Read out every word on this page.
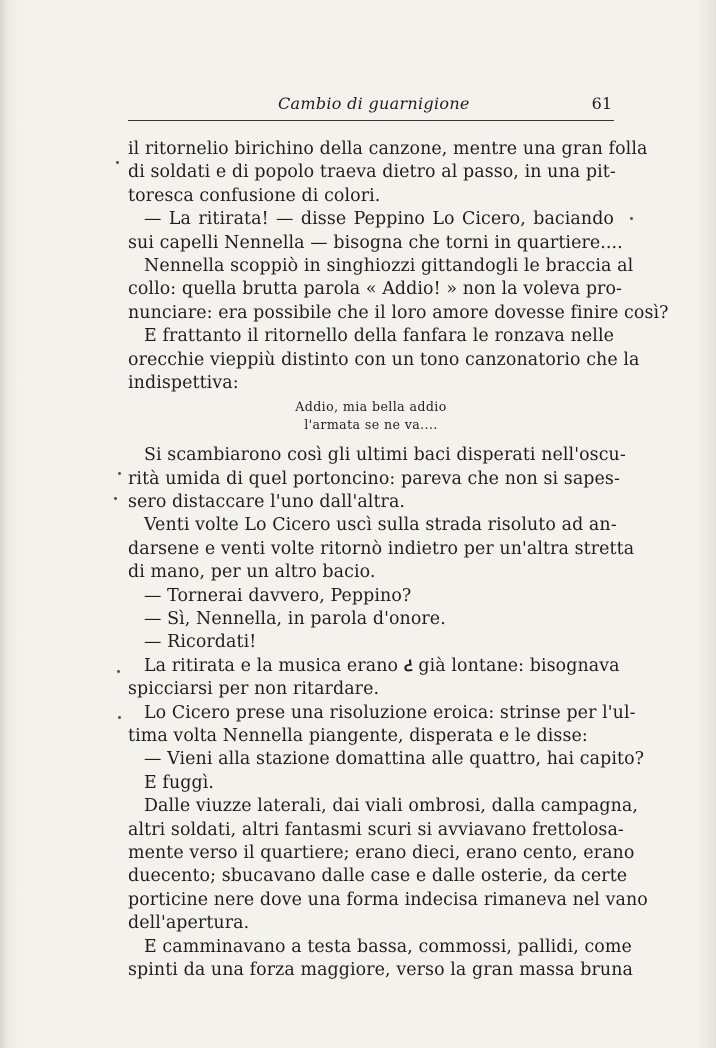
Cambio di guarnigione	61
il ritornelio birichino della canzone, mentre una gran folla
di soldati e di popolo traeva dietro al passo, in una pit-
toresca confusione di colori.
— La ritirata! — disse Peppino Lo Cicero, baciando
sui capelli Nennella — bisogna che torni in quartiere....
Nennella scoppiò in singhiozzi gittandogli le braccia al
collo: quella brutta parola « Addio! » non la voleva pro-
nunciare: era possibile che il loro amore dovesse finire così?
E frattanto il ritornello della fanfara le ronzava nelle
orecchie vieppiù distinto con un tono canzonatorio che la
indispettiva:
Addio, mia bella addio
l'armata se ne va....
Si scambiarono così gli ultimi baci disperati nell'oscu-
rità umida di quel portoncino: pareva che non si sapes-
sero distaccare l'uno dall'altra.
Venti volte Lo Cicero uscì sulla strada risoluto ad an-
darsene e venti volte ritornò indietro per un'altra stretta
di mano, per un altro bacio.
— Tornerai davvero, Peppino?
— Sì, Nennella, in parola d'onore.
— Ricordati!
La ritirata e la musica erano ᕍ già lontane: bisognava
spicciarsi per non ritardare.
Lo Cicero prese una risoluzione eroica: strinse per l'ul-
tima volta Nennella piangente, disperata e le disse:
— Vieni alla stazione domattina alle quattro, hai capito?
E fuggì.
Dalle viuzze laterali, dai viali ombrosi, dalla campagna,
altri soldati, altri fantasmi scuri si avviavano frettolosa-
mente verso il quartiere; erano dieci, erano cento, erano
duecento; sbucavano dalle case e dalle osterie, da certe
porticine nere dove una forma indecisa rimaneva nel vano
dell'apertura.
E camminavano a testa bassa, commossi, pallidi, come
spinti da una forza maggiore, verso la gran massa bruna
